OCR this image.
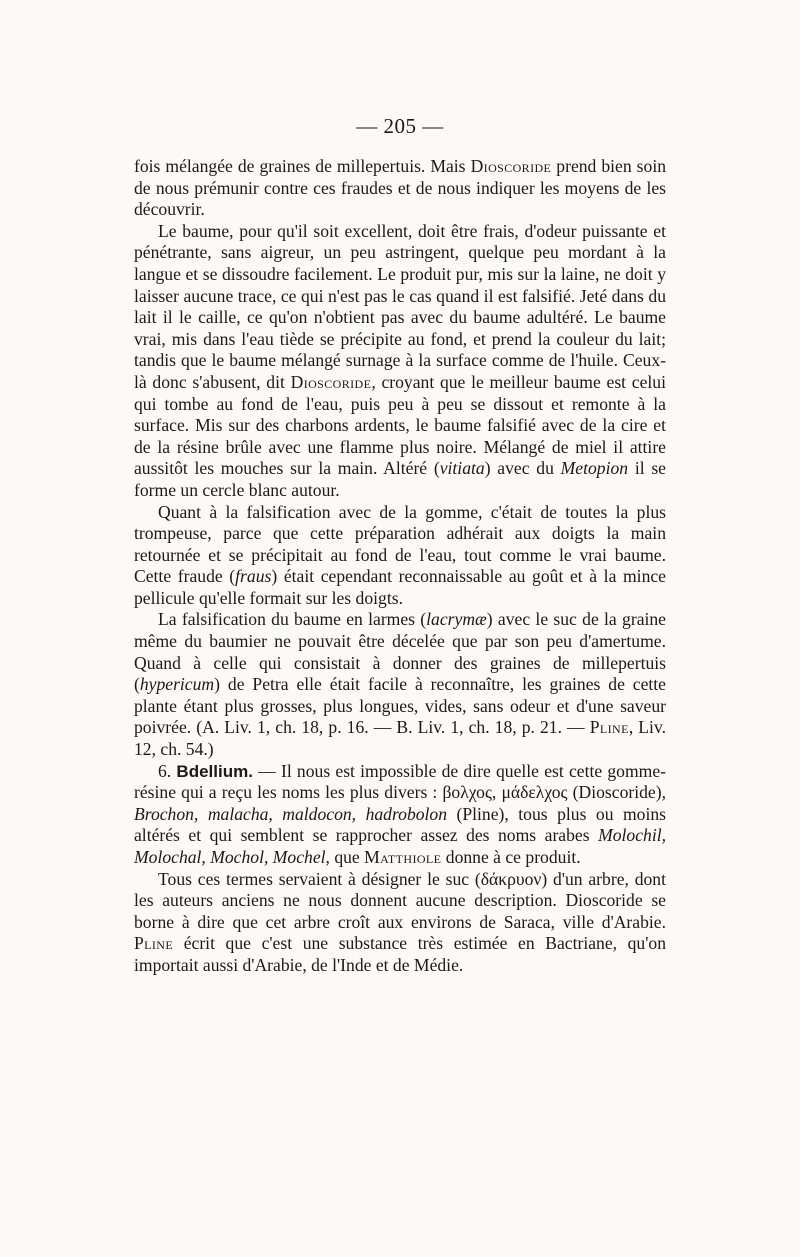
— 205 —

fois mélangée de graines de millepertuis. Mais Dioscoride prend bien soin de nous prémunir contre ces fraudes et de nous indiquer les moyens de les découvrir.

Le baume, pour qu'il soit excellent, doit être frais, d'odeur puissante et pénétrante, sans aigreur, un peu astringent, quelque peu mordant à la langue et se dissoudre facilement. Le produit pur, mis sur la laine, ne doit y laisser aucune trace, ce qui n'est pas le cas quand il est falsifié. Jeté dans du lait il le caille, ce qu'on n'obtient pas avec du baume adultéré. Le baume vrai, mis dans l'eau tiède se précipite au fond, et prend la couleur du lait; tandis que le baume mélangé surnage à la surface comme de l'huile. Ceux-là donc s'abusent, dit Dioscoride, croyant que le meilleur baume est celui qui tombe au fond de l'eau, puis peu à peu se dissout et remonte à la surface. Mis sur des charbons ardents, le baume falsifié avec de la cire et de la résine brûle avec une flamme plus noire. Mélangé de miel il attire aussitôt les mouches sur la main. Altéré (vitiata) avec du Metopion il se forme un cercle blanc autour.

Quant à la falsification avec de la gomme, c'était de toutes la plus trompeuse, parce que cette préparation adhérait aux doigts la main retournée et se précipitait au fond de l'eau, tout comme le vrai baume. Cette fraude (fraus) était cependant reconnaissable au goût et à la mince pellicule qu'elle formait sur les doigts.

La falsification du baume en larmes (lacrymæ) avec le suc de la graine même du baumier ne pouvait être décelée que par son peu d'amertume. Quand à celle qui consistait à donner des graines de millepertuis (hypericum) de Petra elle était facile à reconnaître, les graines de cette plante étant plus grosses, plus longues, vides, sans odeur et d'une saveur poivrée. (A. Liv. 1, ch. 18, p. 16. — B. Liv. 1, ch. 18, p. 21. — Pline, Liv. 12, ch. 54.)

6. Bdellium. — Il nous est impossible de dire quelle est cette gomme-résine qui a reçu les noms les plus divers : βολχος, μάδελχος (Dioscoride), Brochon, malacha, maldocon, hadrobolon (Pline), tous plus ou moins altérés et qui semblent se rapprocher assez des noms arabes Molochil, Molochal, Mochol, Mochel, que Matthiole donne à ce produit.

Tous ces termes servaient à désigner le suc (δάκρυον) d'un arbre, dont les auteurs anciens ne nous donnent aucune description. Dioscoride se borne à dire que cet arbre croît aux environs de Saraca, ville d'Arabie. Pline écrit que c'est une substance très estimée en Bactriane, qu'on importait aussi d'Arabie, de l'Inde et de Médie.
